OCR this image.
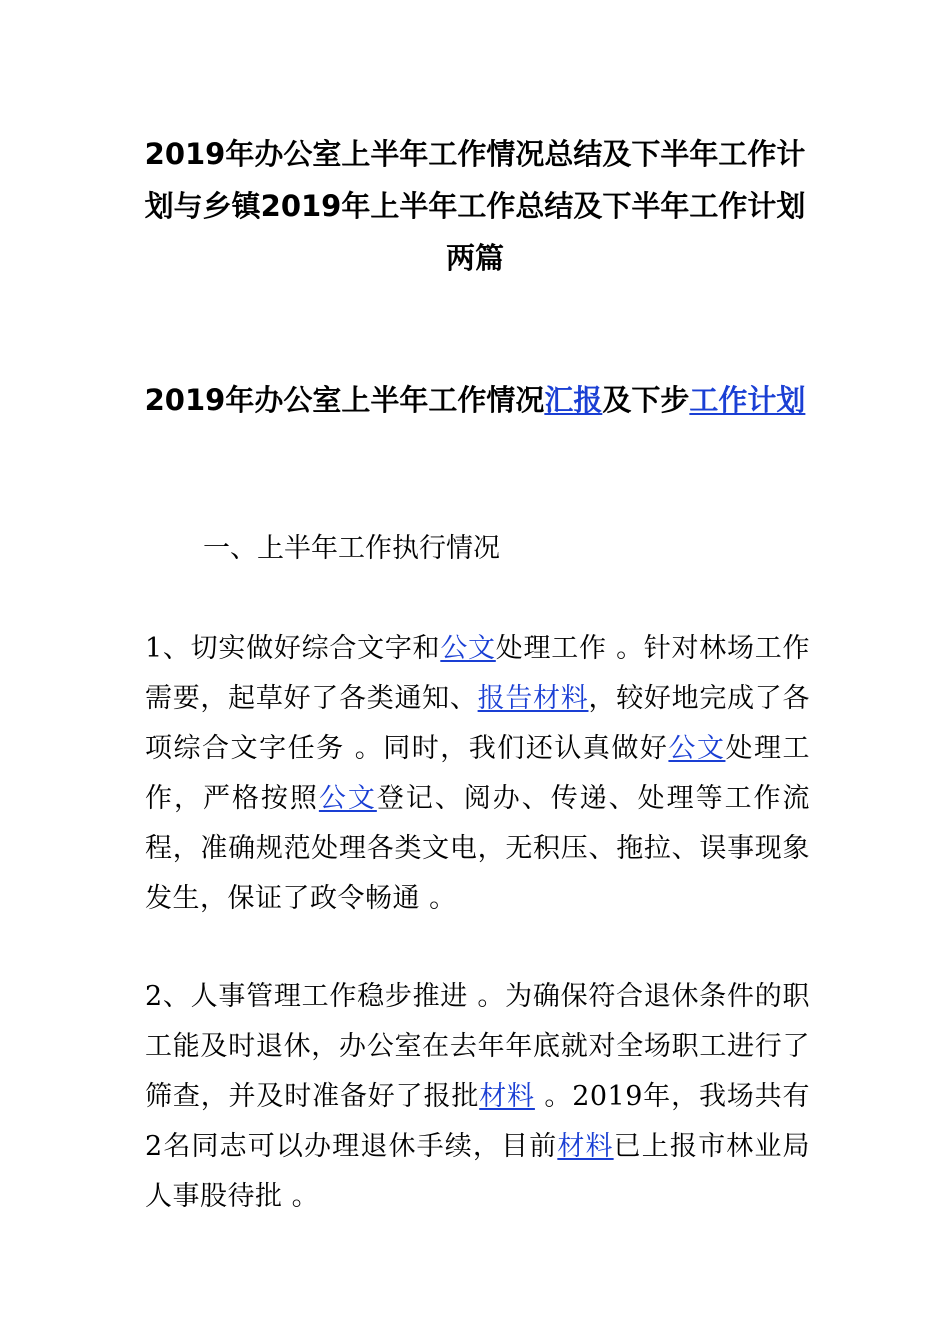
2019年办公室上半年工作情况总结及下半年工作计划与乡镇2019年上半年工作总结及下半年工作计划两篇
2019年办公室上半年工作情况汇报及下步工作计划

一、上半年工作执行情况

1、切实做好综合文字和公文处理工作 。针对林场工作需要，起草好了各类通知、报告材料，较好地完成了各项综合文字任务 。同时，我们还认真做好公文处理工作，严格按照公文登记、阅办、传递、处理等工作流程，准确规范处理各类文电，无积压、拖拉、误事现象发生，保证了政令畅通 。

2、人事管理工作稳步推进 。为确保符合退休条件的职工能及时退休，办公室在去年年底就对全场职工进行了筛查，并及时准备好了报批材料 。2019年，我场共有2名同志可以办理退休手续，目前材料已上报市林业局人事股待批 。
